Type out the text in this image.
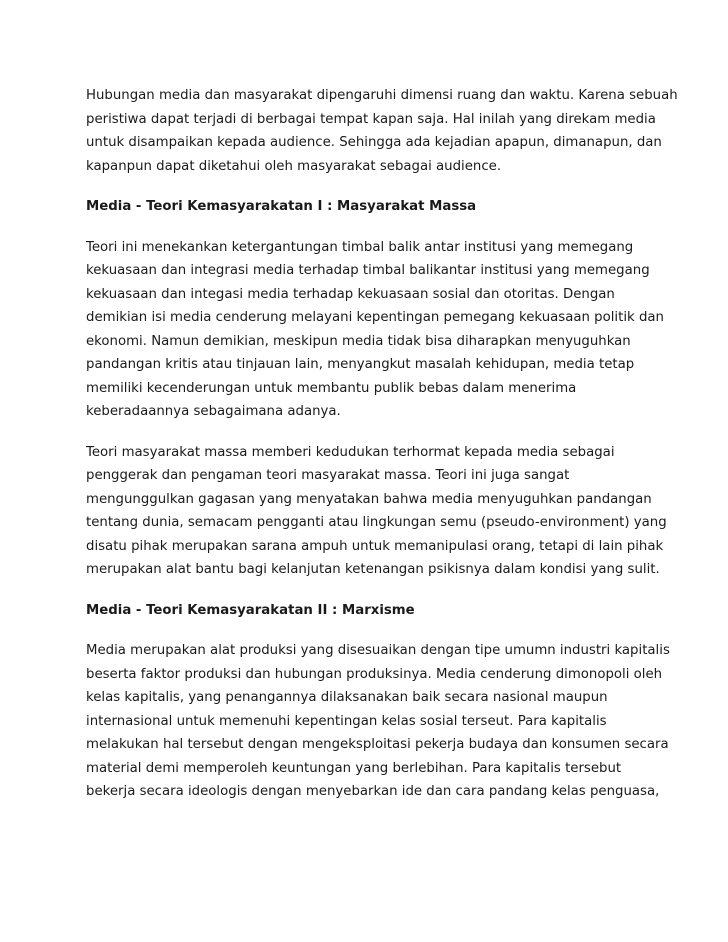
Hubungan media dan masyarakat dipengaruhi dimensi ruang dan waktu. Karena sebuah
peristiwa dapat terjadi di berbagai tempat kapan saja. Hal inilah yang direkam media
untuk disampaikan kepada audience. Sehingga ada kejadian apapun, dimanapun, dan
kapanpun dapat diketahui oleh masyarakat sebagai audience.
Media - Teori Kemasyarakatan I : Masyarakat Massa
Teori ini menekankan ketergantungan timbal balik antar institusi yang memegang
kekuasaan dan integrasi media terhadap timbal balikantar institusi yang memegang
kekuasaan dan integasi media terhadap kekuasaan sosial dan otoritas. Dengan
demikian isi media cenderung melayani kepentingan pemegang kekuasaan politik dan
ekonomi. Namun demikian, meskipun media tidak bisa diharapkan menyuguhkan
pandangan kritis atau tinjauan lain, menyangkut masalah kehidupan, media tetap
memiliki kecenderungan untuk membantu publik bebas dalam menerima
keberadaannya sebagaimana adanya.
Teori masyarakat massa memberi kedudukan terhormat kepada media sebagai
penggerak dan pengaman teori masyarakat massa. Teori ini juga sangat
mengunggulkan gagasan yang menyatakan bahwa media menyuguhkan pandangan
tentang dunia, semacam pengganti atau lingkungan semu (pseudo-environment) yang
disatu pihak merupakan sarana ampuh untuk memanipulasi orang, tetapi di lain pihak
merupakan alat bantu bagi kelanjutan ketenangan psikisnya dalam kondisi yang sulit.
Media - Teori Kemasyarakatan II : Marxisme
Media merupakan alat produksi yang disesuaikan dengan tipe umumn industri kapitalis
beserta faktor produksi dan hubungan produksinya. Media cenderung dimonopoli oleh
kelas kapitalis, yang penangannya dilaksanakan baik secara nasional maupun
internasional untuk memenuhi kepentingan kelas sosial terseut. Para kapitalis
melakukan hal tersebut dengan mengeksploitasi pekerja budaya dan konsumen secara
material demi memperoleh keuntungan yang berlebihan. Para kapitalis tersebut
bekerja secara ideologis dengan menyebarkan ide dan cara pandang kelas penguasa,
